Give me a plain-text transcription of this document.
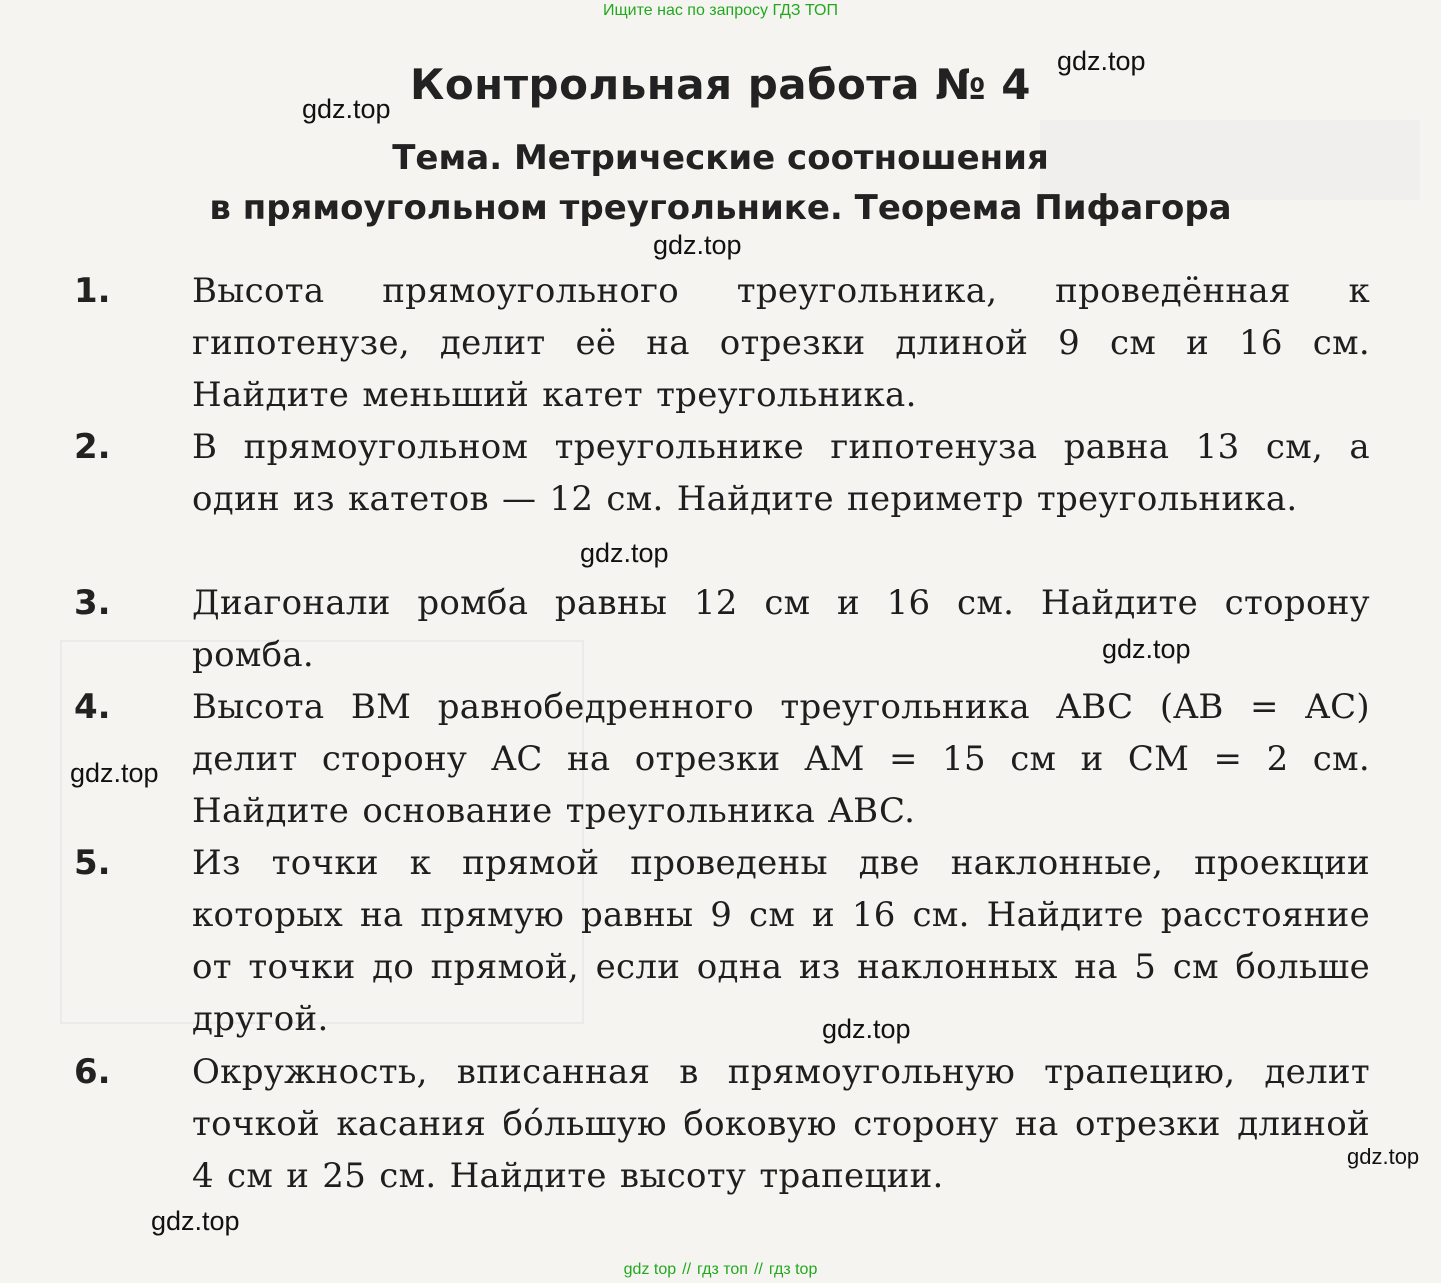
Ищите нас по запросу ГДЗ ТОП
Контрольная работа № 4
Тема. Метрические соотношения
в прямоугольном треугольнике. Теорема Пифагора
1. Высота прямоугольного треугольника, проведённая к гипотенузе, делит её на отрезки длиной 9 см и 16 см. Найдите меньший катет треугольника.
2. В прямоугольном треугольнике гипотенуза равна 13 см, а один из катетов — 12 см. Найдите периметр треугольника.
3. Диагонали ромба равны 12 см и 16 см. Найдите сторону ромба.
4. Высота BM равнобедренного треугольника ABC (AB = AC) делит сторону AC на отрезки AM = 15 см и CM = 2 см. Найдите основание треугольника ABC.
5. Из точки к прямой проведены две наклонные, проекции которых на прямую равны 9 см и 16 см. Найдите расстояние от точки до прямой, если одна из наклонных на 5 см больше другой.
6. Окружность, вписанная в прямоугольную трапецию, делит точкой касания бо́льшую боковую сторону на отрезки длиной 4 см и 25 см. Найдите высоту трапеции.
gdz.top
gdz.top
gdz.top
gdz.top
gdz.top
gdz.top
gdz.top
gdz.top
gdz.top
gdz top // гдз топ // гдз top
